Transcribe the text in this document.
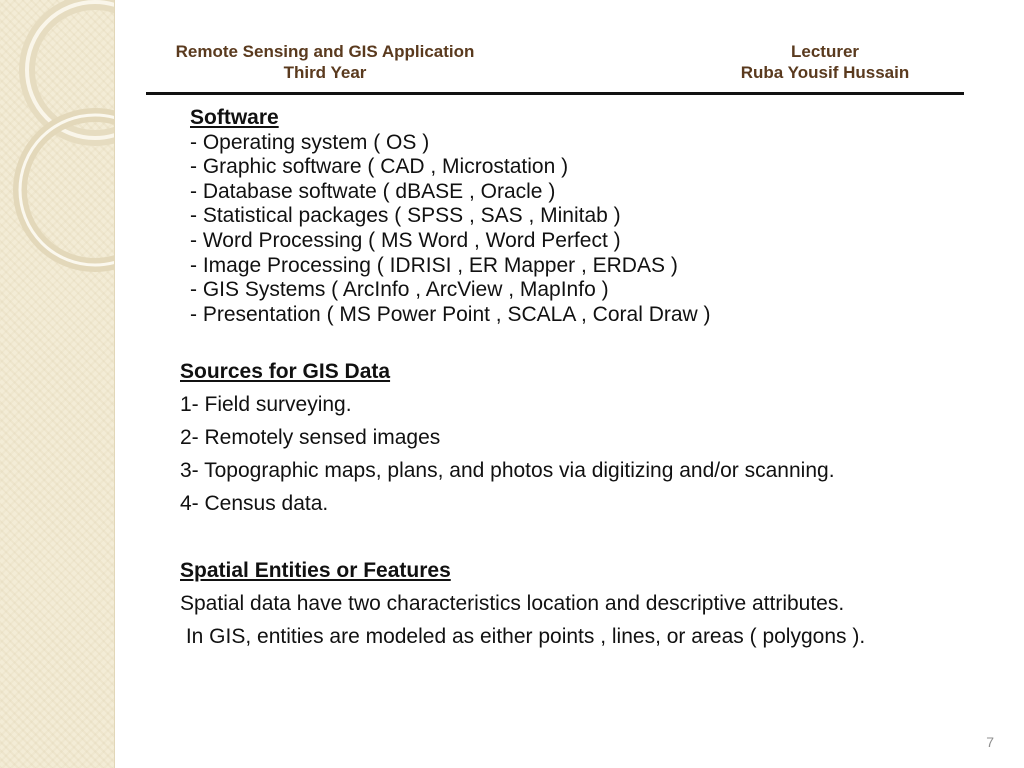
Remote Sensing and GIS Application
Third Year
Lecturer
Ruba Yousif Hussain
Software
- Operating system ( OS )
- Graphic software ( CAD , Microstation )
- Database softwate ( dBASE , Oracle )
- Statistical packages ( SPSS , SAS , Minitab )
- Word Processing ( MS Word , Word Perfect )
- Image Processing ( IDRISI , ER Mapper , ERDAS )
- GIS Systems ( ArcInfo , ArcView , MapInfo )
- Presentation ( MS Power Point , SCALA , Coral Draw )
Sources for GIS Data
1- Field surveying.
2- Remotely sensed images
3- Topographic maps, plans, and photos via digitizing and/or scanning.
4- Census data.
Spatial Entities or Features
Spatial data have two characteristics location and descriptive attributes.
In GIS, entities are modeled as either points , lines, or areas ( polygons ).
7
